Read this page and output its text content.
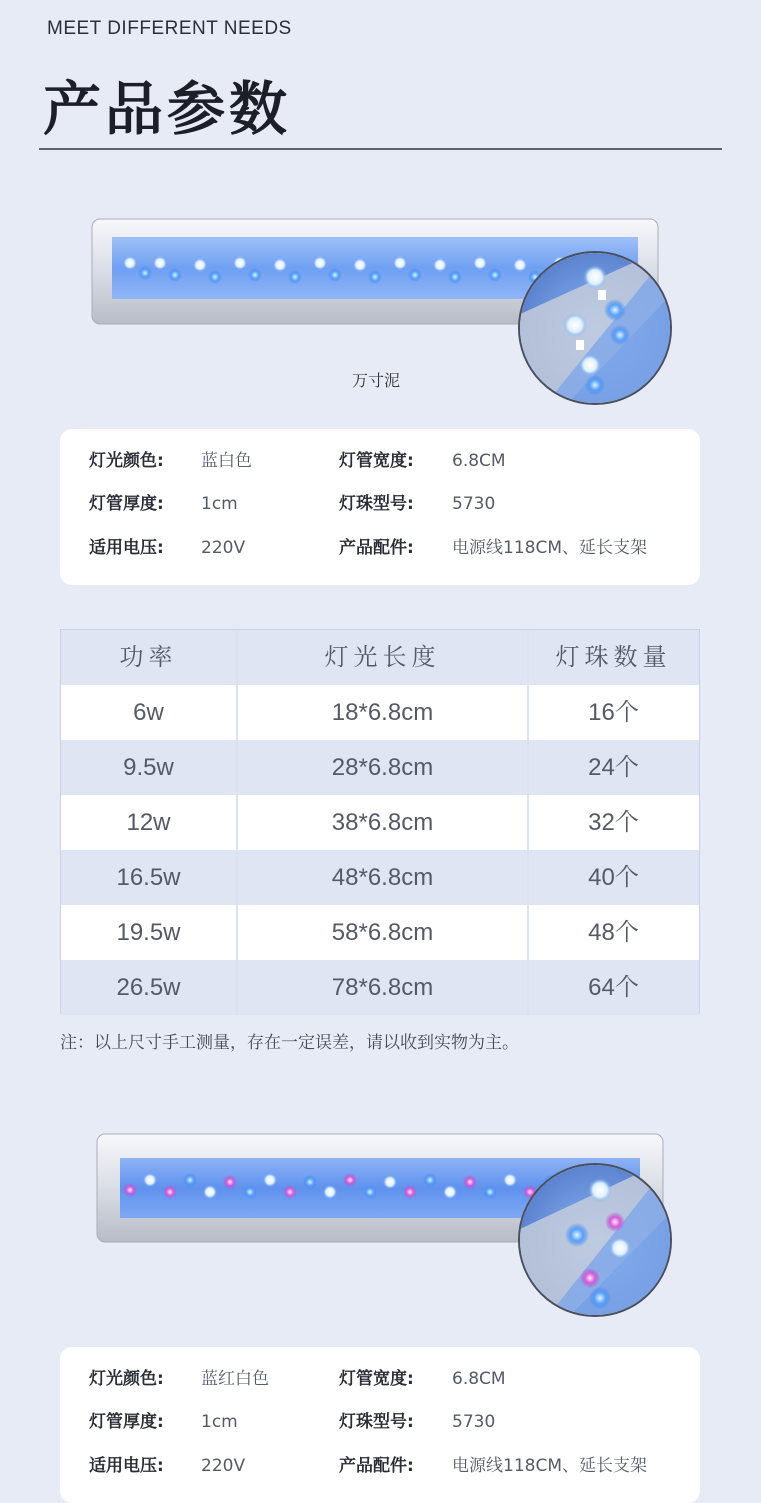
MEET DIFFERENT NEEDS
产品参数
万寸泥
灯光颜色: 蓝白色	灯管宽度: 6.8CM
灯管厚度: 1cm	灯珠型号: 5730
适用电压: 220V	产品配件: 电源线118CM、延长支架
功率	灯光长度	灯珠数量
6w	18*6.8cm	16个
9.5w	28*6.8cm	24个
12w	38*6.8cm	32个
16.5w	48*6.8cm	40个
19.5w	58*6.8cm	48个
26.5w	78*6.8cm	64个
注：以上尺寸手工测量，存在一定误差，请以收到实物为主。
灯光颜色: 蓝红白色	灯管宽度: 6.8CM
灯管厚度: 1cm	灯珠型号: 5730
适用电压: 220V	产品配件: 电源线118CM、延长支架
